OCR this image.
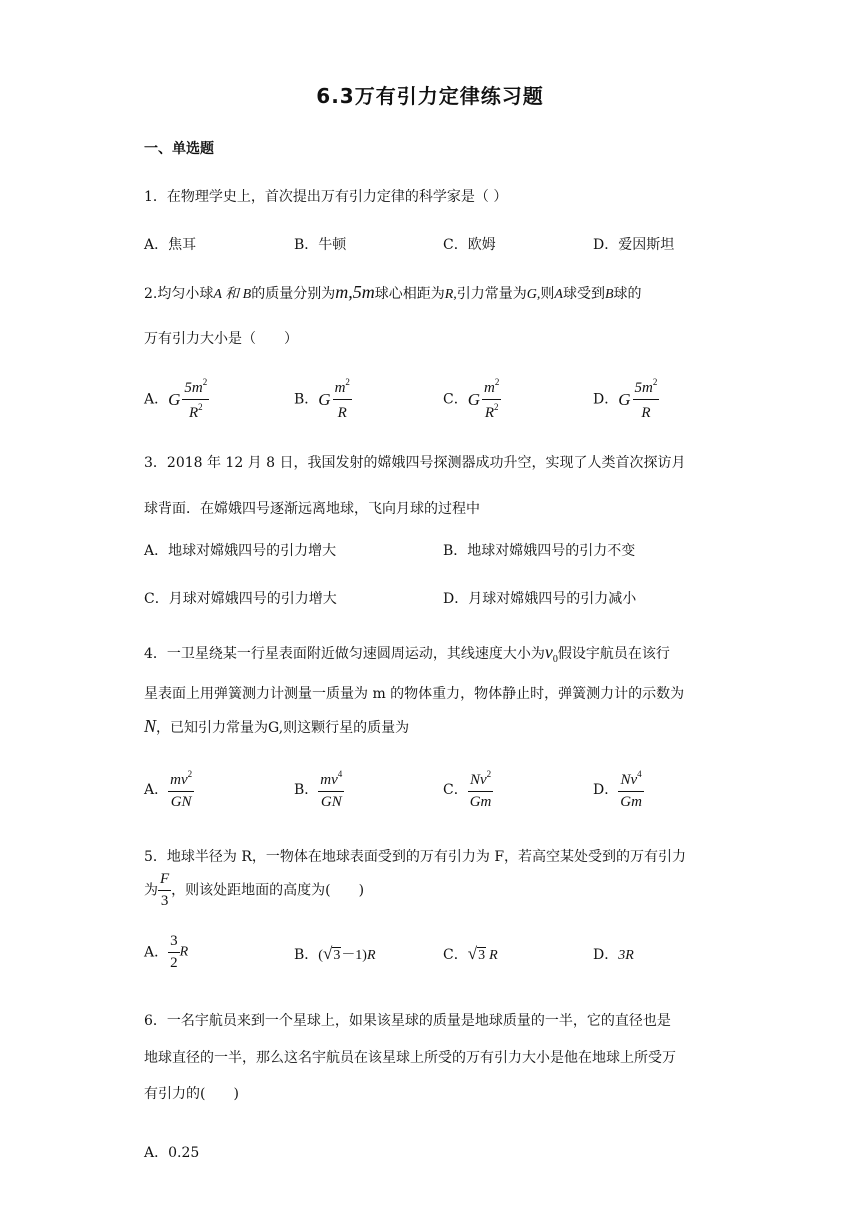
6.3万有引力定律练习题
一、单选题
1．在物理学史上，首次提出万有引力定律的科学家是（ ）
A．焦耳	B．牛顿	C．欧姆	D．爱因斯坦
2.均匀小球A 和 B的质量分别为m,5m球心相距为R,引力常量为G,则A球受到B球的
万有引力大小是（　　）
A．G $\frac{5m^2}{R^2}$	B．G $\frac{m^2}{R}$	C．G $\frac{m^2}{R^2}$	D．G $\frac{5m^2}{R}$
3．2018 年 12 月 8 日，我国发射的嫦娥四号探测器成功升空，实现了人类首次探访月
球背面．在嫦娥四号逐渐远离地球，飞向月球的过程中
A．地球对嫦娥四号的引力增大	B．地球对嫦娥四号的引力不变
C．月球对嫦娥四号的引力增大	D．月球对嫦娥四号的引力减小
4．一卫星绕某一行星表面附近做匀速圆周运动，其线速度大小为$v_0$假设宇航员在该行
星表面上用弹簧测力计测量一质量为 m 的物体重力，物体静止时，弹簧测力计的示数为
N，已知引力常量为G,则这颗行星的质量为
A． $\frac{mv^2}{GN}$	B． $\frac{mv^4}{GN}$	C． $\frac{Nv^2}{Gm}$	D． $\frac{Nv^4}{Gm}$
5．地球半径为 R，一物体在地球表面受到的万有引力为 F，若高空某处受到的万有引力
为 $\frac{F}{3}$ ，则该处距地面的高度为(　　)
A． $\frac{3}{2}$ R	B．(√3－1)R	C．√3 R	D．3R
6．一名宇航员来到一个星球上，如果该星球的质量是地球质量的一半，它的直径也是
地球直径的一半，那么这名宇航员在该星球上所受的万有引力大小是他在地球上所受万
有引力的(　　)
A．0.25
